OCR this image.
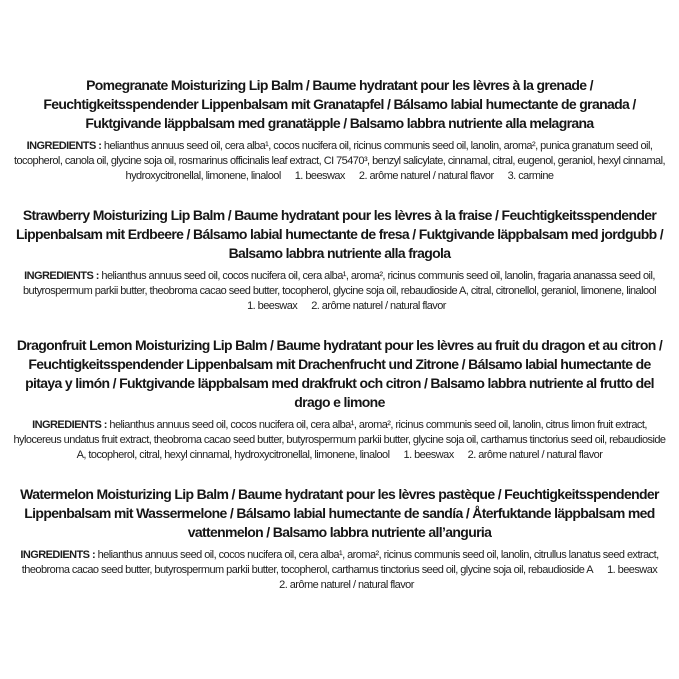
Pomegranate Moisturizing Lip Balm / Baume hydratant pour les lèvres à la grenade / Feuchtigkeitsspendender Lippenbalsam mit Granatapfel / Bálsamo labial humectante de granada / Fuktgivande läppbalsam med granatäpple / Balsamo labbra nutriente alla melagrana

INGREDIENTS : helianthus annuus seed oil, cera alba¹, cocos nucifera oil, ricinus communis seed oil, lanolin, aroma², punica granatum seed oil, tocopherol, canola oil, glycine soja oil, rosmarinus officinalis leaf extract, CI 75470³, benzyl salicylate, cinnamal, citral, eugenol, geraniol, hexyl cinnamal, hydroxycitronellal, limonene, linalool 1. beeswax 2. arôme naturel / natural flavor 3. carmine

Strawberry Moisturizing Lip Balm / Baume hydratant pour les lèvres à la fraise / Feuchtigkeitsspendender Lippenbalsam mit Erdbeere / Bálsamo labial humectante de fresa / Fuktgivande läppbalsam med jordgubb / Balsamo labbra nutriente alla fragola

INGREDIENTS : helianthus annuus seed oil, cocos nucifera oil, cera alba¹, aroma², ricinus communis seed oil, lanolin, fragaria ananassa seed oil, butyrospermum parkii butter, theobroma cacao seed butter, tocopherol, glycine soja oil, rebaudioside A, citral, citronellol, geraniol, limonene, linalool1. beeswax 2. arôme naturel / natural flavor

Dragonfruit Lemon Moisturizing Lip Balm / Baume hydratant pour les lèvres au fruit du dragon et au citron / Feuchtigkeitsspendender Lippenbalsam mit Drachenfrucht und Zitrone / Bálsamo labial humectante de pitaya y limón / Fuktgivande läppbalsam med drakfrukt och citron / Balsamo labbra nutriente al frutto del drago e limone

INGREDIENTS : helianthus annuus seed oil, cocos nucifera oil, cera alba¹, aroma², ricinus communis seed oil, lanolin, citrus limon fruit extract, hylocereus undatus fruit extract, theobroma cacao seed butter, butyrospermum parkii butter, glycine soja oil, carthamus tinctorius seed oil, rebaudioside A, tocopherol, citral, hexyl cinnamal, hydroxycitronellal, limonene, linalool 1. beeswax 2. arôme naturel / natural flavor

Watermelon Moisturizing Lip Balm / Baume hydratant pour les lèvres pastèque / Feuchtigkeitsspendender Lippenbalsam mit Wassermelone / Bálsamo labial humectante de sandía / Återfuktande läppbalsam med vattenmelon / Balsamo labbra nutriente all’anguria

INGREDIENTS : helianthus annuus seed oil, cocos nucifera oil, cera alba¹, aroma², ricinus communis seed oil, lanolin, citrullus lanatus seed extract, theobroma cacao seed butter, butyrospermum parkii butter, tocopherol, carthamus tinctorius seed oil, glycine soja oil, rebaudioside A 1. beeswax2. arôme naturel / natural flavor
